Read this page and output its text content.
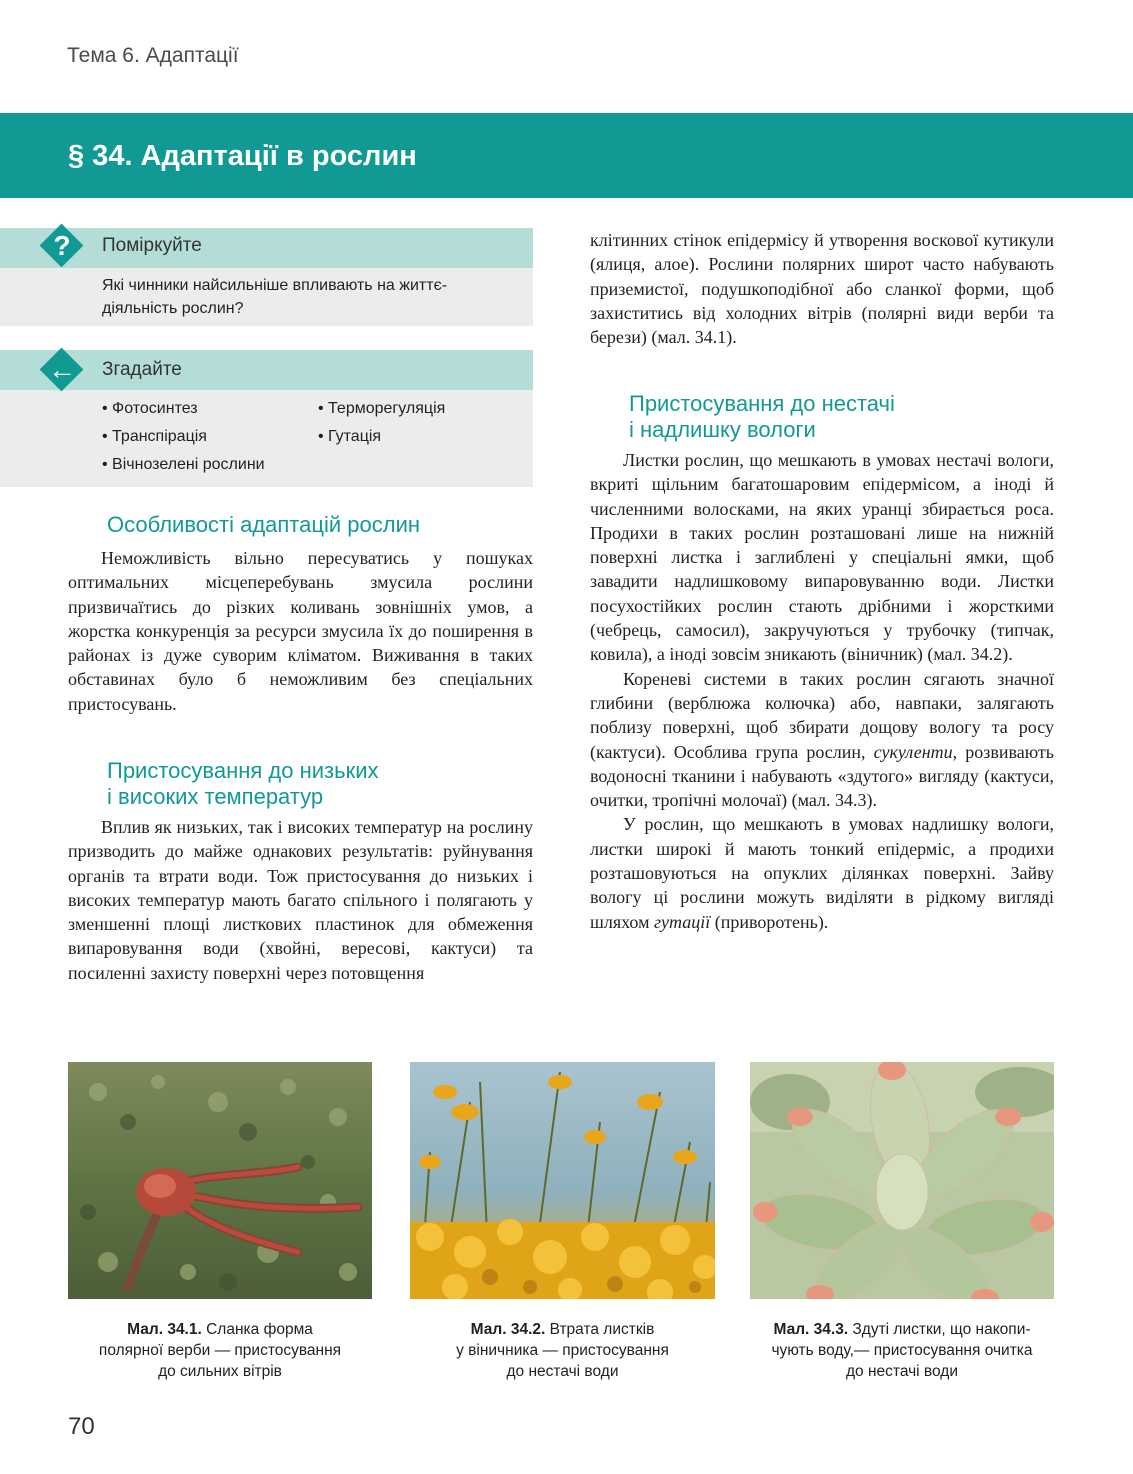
Тема 6. Адаптації
§ 34. Адаптації в рослин
?	Поміркуйте
Які чинники найсильніше впливають на життє-діяльність рослин?
←	Згадайте
• Фотосинтез	• Терморегуляція
• Транспірація	• Гутація
• Вічнозелені рослини
Особливості адаптацій рослин

Неможливість вільно пересуватись у пошуках оптимальних місцеперебувань змусила рослини призвичаїтись до різких коливань зовнішніх умов, а жорстка конкуренція за ресурси змусила їх до поширення в районах із дуже суворим кліматом. Виживання в таких обставинах було б неможливим без спеціальних пристосувань.

Пристосування до низьких
і високих температур

Вплив як низьких, так і високих температур на рослину призводить до майже однакових результатів: руйнування органів та втрати води. Тож пристосування до низьких і високих температур мають багато спільного і полягають у зменшенні площі листкових пластинок для обмеження випаровування води (хвойні, вересові, кактуси) та посиленні захисту поверхні через потовщення

клітинних стінок епідермісу й утворення воскової кутикули (ялиця, алое). Рослини полярних широт часто набувають приземистої, подушкоподібної або сланкої форми, щоб захиститись від холодних вітрів (полярні види верби та берези) (мал. 34.1).

Пристосування до нестачі
і надлишку вологи

Листки рослин, що мешкають в умовах нестачі вологи, вкриті щільним багатошаровим епідермісом, а іноді й численними волосками, на яких уранці збирається роса. Продихи в таких рослин розташовані лише на нижній поверхні листка і заглиблені у спеціальні ямки, щоб завадити надлишковому випаровуванню води. Листки посухостійких рослин стають дрібними і жорсткими (чебрець, самосил), закручуються у трубочку (типчак, ковила), а іноді зовсім зникають (віничник) (мал. 34.2).

Кореневі системи в таких рослин сягають значної глибини (верблюжа колючка) або, навпаки, залягають поблизу поверхні, щоб збирати дощову вологу та росу (кактуси). Особлива група рослин, сукуленти, розвивають водоносні тканини і набувають «здутого» вигляду (кактуси, очитки, тропічні молочаї) (мал. 34.3).

У рослин, що мешкають в умовах надлишку вологи, листки широкі й мають тонкий епідерміс, а продихи розташовуються на опуклих ділянках поверхні. Зайву вологу ці рослини можуть виділяти в рідкому вигляді шляхом гутації (приворотень).

Мал. 34.1. Сланка форма
полярної верби — пристосування
до сильних вітрів
Мал. 34.2. Втрата листків
у віничника — пристосування
до нестачі води
Мал. 34.3. Здуті листки, що накопи-
чують воду,— пристосування очитка
до нестачі води
70
